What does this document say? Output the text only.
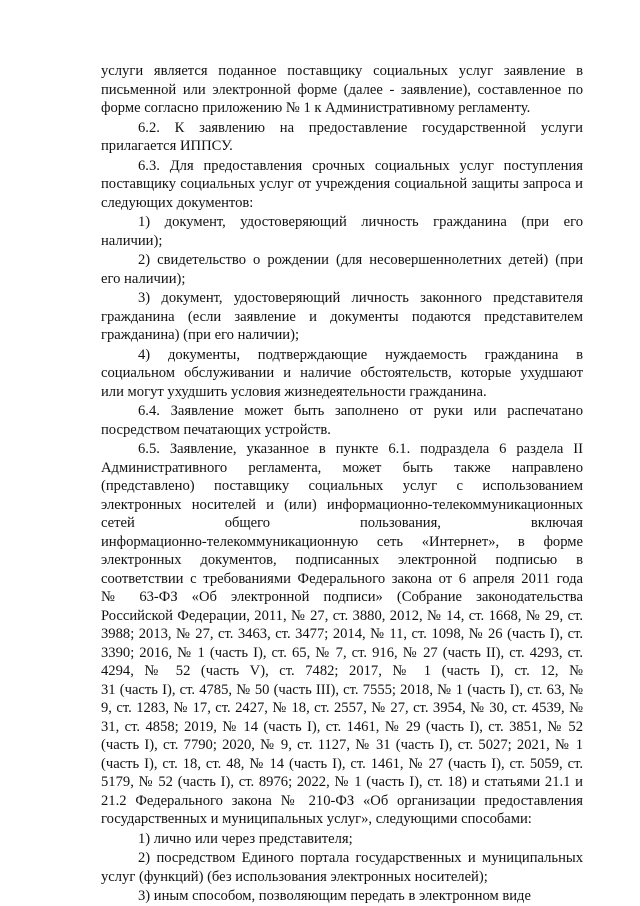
услуги является поданное поставщику социальных услуг заявление в
письменной или электронной форме (далее - заявление), составленное по
форме согласно приложению № 1 к Административному регламенту.

6.2. К заявлению на предоставление государственной услуги
прилагается ИППСУ.

6.3. Для предоставления срочных социальных услуг поступления
поставщику социальных услуг от учреждения социальной защиты запроса и
следующих документов:

1) документ, удостоверяющий личность гражданина (при его
наличии);

2) свидетельство о рождении (для несовершеннолетних детей) (при
его наличии);

3) документ, удостоверяющий личность законного представителя
гражданина (если заявление и документы подаются представителем
гражданина) (при его наличии);

4) документы, подтверждающие нуждаемость гражданина в
социальном обслуживании и наличие обстоятельств, которые ухудшают
или могут ухудшить условия жизнедеятельности гражданина.

6.4. Заявление может быть заполнено от руки или распечатано
посредством печатающих устройств.

6.5. Заявление, указанное в пункте 6.1. подраздела 6 раздела II
Административного регламента, может быть также направлено
(представлено) поставщику социальных услуг с использованием
электронных носителей и (или) информационно-телекоммуникационных
сетей общего пользования, включая
информационно-телекоммуникационную сеть «Интернет», в форме
электронных документов, подписанных электронной подписью в
соответствии с требованиями Федерального закона от 6 апреля 2011 года
№ 63-ФЗ «Об электронной подписи» (Собрание законодательства
Российской Федерации, 2011, № 27, ст. 3880, 2012, № 14, ст. 1668, № 29, ст.
3988; 2013, № 27, ст. 3463, ст. 3477; 2014, № 11, ст. 1098, № 26 (часть I), ст.
3390; 2016, № 1 (часть I), ст. 65, № 7, ст. 916, № 27 (часть II), ст. 4293, ст.
4294, № 52 (часть V), ст. 7482; 2017, № 1 (часть I), ст. 12, №
31 (часть I), ст. 4785, № 50 (часть III), ст. 7555; 2018, № 1 (часть I), ст. 63, №
9, ст. 1283, № 17, ст. 2427, № 18, ст. 2557, № 27, ст. 3954, № 30, ст. 4539, №
31, ст. 4858; 2019, № 14 (часть I), ст. 1461, № 29 (часть I), ст. 3851, № 52
(часть I), ст. 7790; 2020, № 9, ст. 1127, № 31 (часть I), ст. 5027; 2021, № 1
(часть I), ст. 18, ст. 48, № 14 (часть I), ст. 1461, № 27 (часть I), ст. 5059, ст.
5179, № 52 (часть I), ст. 8976; 2022, № 1 (часть I), ст. 18) и статьями 21.1 и
21.2 Федерального закона № 210-ФЗ «Об организации предоставления
государственных и муниципальных услуг», следующими способами:

1) лично или через представителя;

2) посредством Единого портала государственных и муниципальных
услуг (функций) (без использования электронных носителей);

3) иным способом, позволяющим передать в электронном виде
